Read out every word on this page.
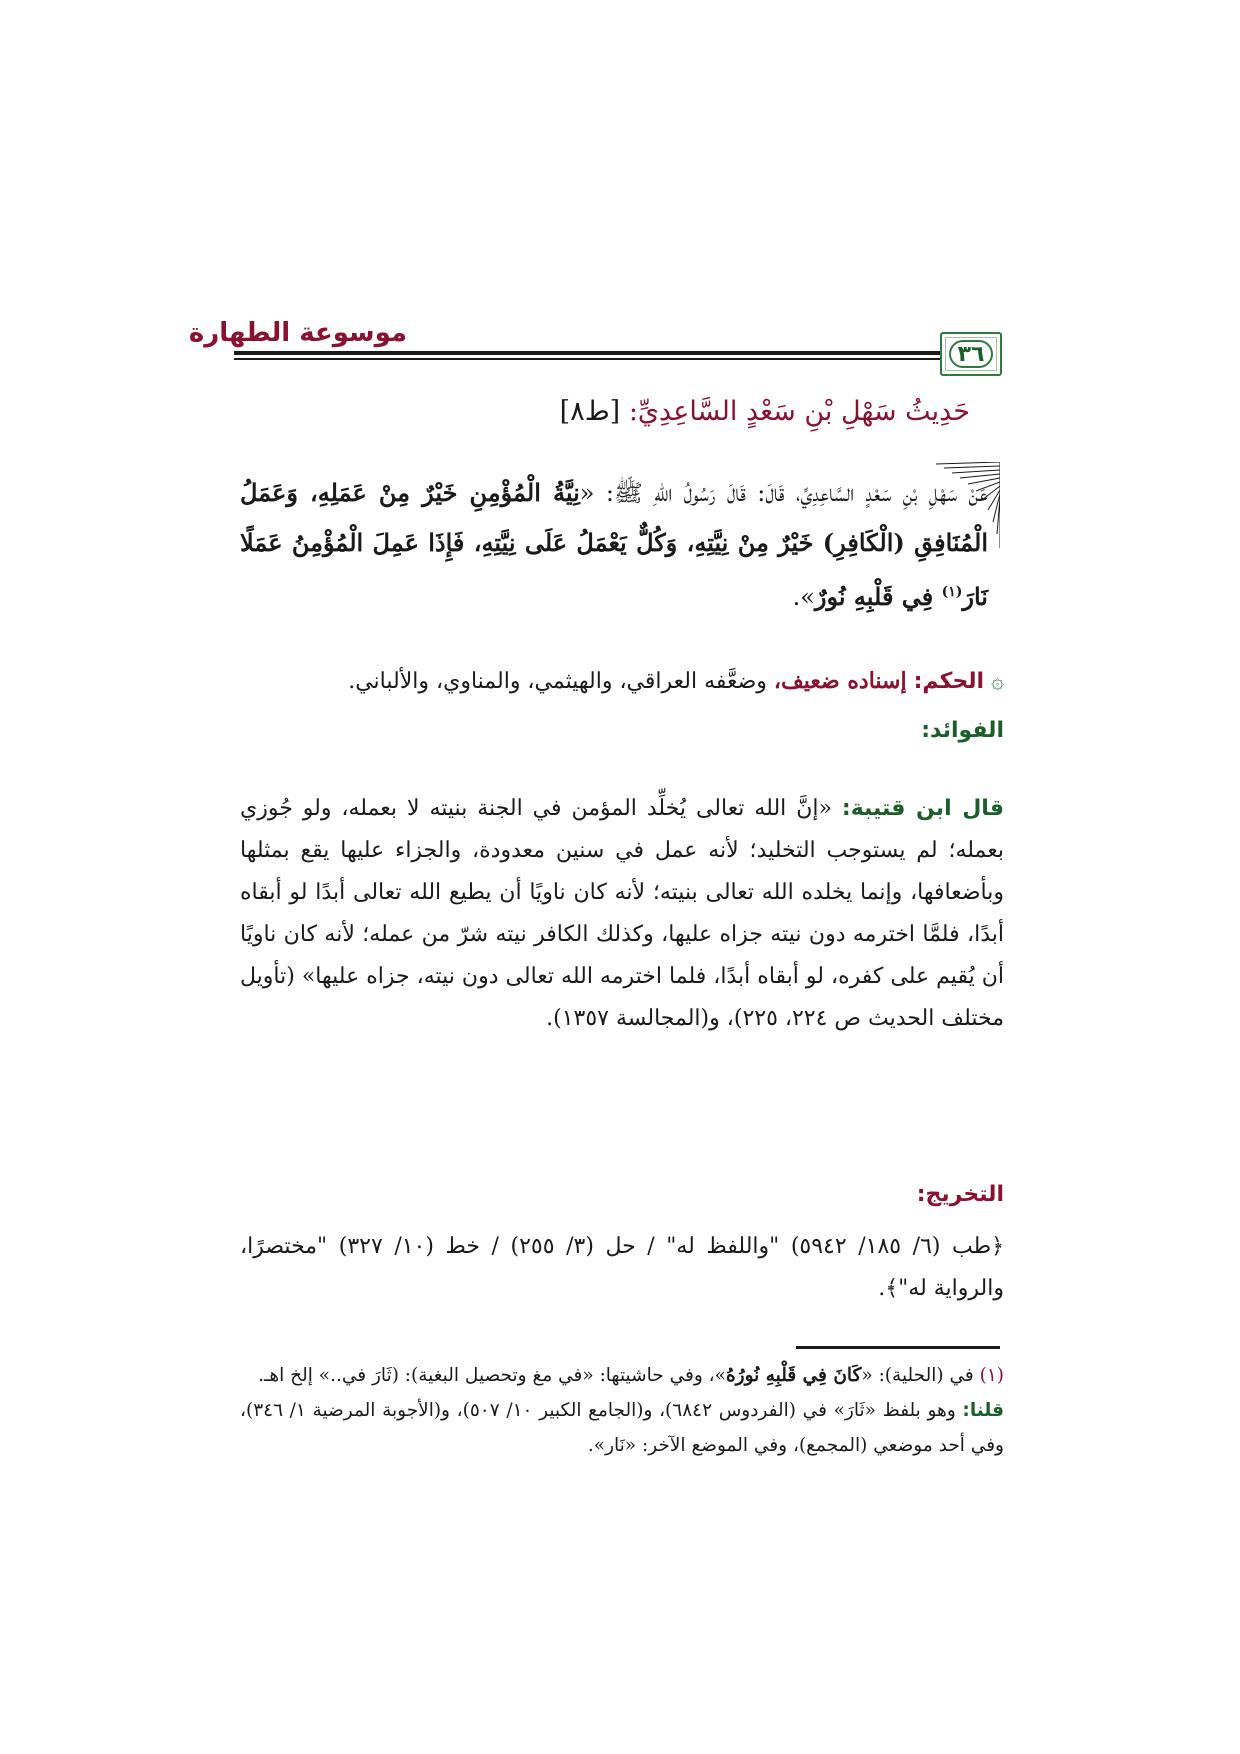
موسوعة الطهارة
٣٦
حَدِيثُ سَهْلِ بْنِ سَعْدٍ السَّاعِدِيِّ: [ط٨]
عَنْ سَهْلِ بْنِ سَعْدٍ السَّاعِدِيِّ، قَالَ: قَالَ رَسُولُ اللهِ ﷺ: «نِيَّةُ الْمُؤْمِنِ خَيْرٌ مِنْ عَمَلِهِ، وَعَمَلُ الْمُنَافِقِ (الْكَافِرِ) خَيْرٌ مِنْ نِيَّتِهِ، وَكُلٌّ يَعْمَلُ عَلَى نِيَّتِهِ، فَإِذَا عَمِلَ الْمُؤْمِنُ عَمَلًا نَارَ$^{(١)}$ فِي قَلْبِهِ نُورٌ».
۞ الحكم: إسناده ضعيف، وضعَّفه العراقي، والهيثمي، والمناوي، والألباني.
الفوائد:
قال ابن قتيبة: «إنَّ الله تعالى يُخلِّد المؤمن في الجنة بنيته لا بعمله، ولو جُوزي بعمله؛ لم يستوجب التخليد؛ لأنه عمل في سنين معدودة، والجزاء عليها يقع بمثلها وبأضعافها، وإنما يخلده الله تعالى بنيته؛ لأنه كان ناويًا أن يطيع الله تعالى أبدًا لو أبقاه أبدًا، فلمَّا اخترمه دون نيته جزاه عليها، وكذلك الكافر نيته شرّ من عمله؛ لأنه كان ناويًا أن يُقيم على كفره، لو أبقاه أبدًا، فلما اخترمه الله تعالى دون نيته، جزاه عليها» (تأويل مختلف الحديث ص ٢٢٤، ٢٢٥)، و(المجالسة ١٣٥٧).
التخريج:
﴿طب (٦/ ١٨٥/ ٥٩٤٢) "واللفظ له" / حل (٣/ ٢٥٥) / خط (١٠/ ٣٢٧) "مختصرًا، والرواية له"﴾.

(١) في (الحلية): «كَانَ فِي قَلْبِهِ نُورُهُ»، وفي حاشيتها: «في مغ وتحصيل البغية): (ثَارَ في..» إلخ اهـ.

قلنا: وهو بلفظ «ثَارَ» في (الفردوس ٦٨٤٢)، و(الجامع الكبير ١٠/ ٥٠٧)، و(الأجوبة المرضية ١/ ٣٤٦)، وفي أحد موضعي (المجمع)، وفي الموضع الآخر: «نَار».
